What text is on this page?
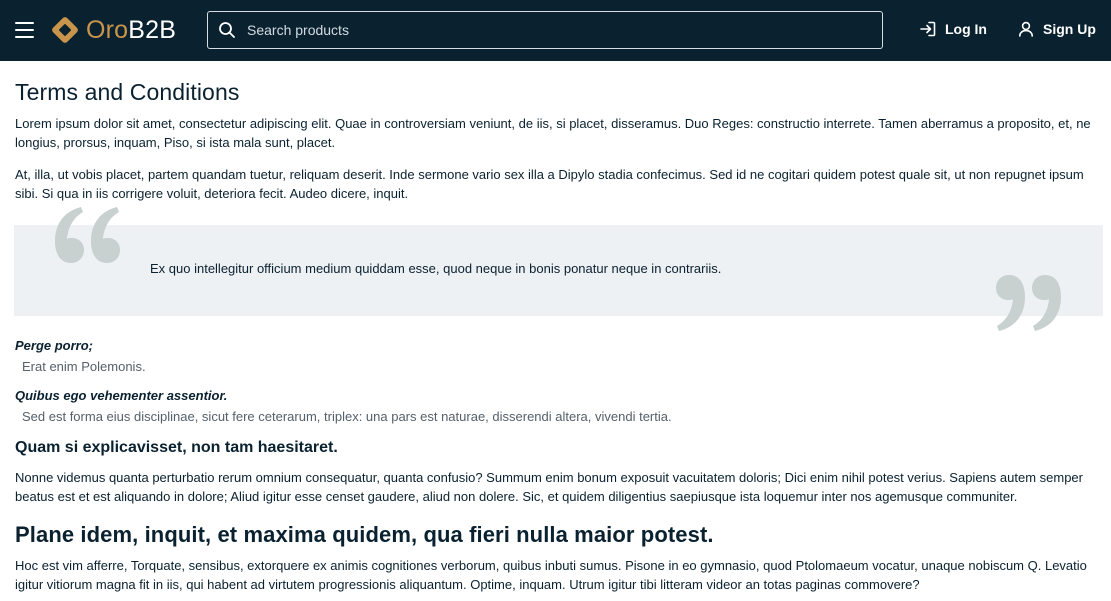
OroB2B
Search products	Log In	Sign Up
Terms and Conditions

Lorem ipsum dolor sit amet, consectetur adipiscing elit. Quae in controversiam veniunt, de iis, si placet, disseramus. Duo Reges: constructio interrete. Tamen aberramus a proposito, et, ne longius, prorsus, inquam, Piso, si ista mala sunt, placet.

At, illa, ut vobis placet, partem quandam tuetur, reliquam deserit. Inde sermone vario sex illa a Dipylo stadia confecimus. Sed id ne cogitari quidem potest quale sit, ut non repugnet ipsum sibi. Si qua in iis corrigere voluit, deteriora fecit. Audeo dicere, inquit.

Ex quo intellegitur officium medium quiddam esse, quod neque in bonis ponatur neque in contrariis.
Perge porro;
Erat enim Polemonis.
Quibus ego vehementer assentior.
Sed est forma eius disciplinae, sicut fere ceterarum, triplex: una pars est naturae, disserendi altera, vivendi tertia.
Quam si explicavisset, non tam haesitaret.

Nonne videmus quanta perturbatio rerum omnium consequatur, quanta confusio? Summum enim bonum exposuit vacuitatem doloris; Dici enim nihil potest verius. Sapiens autem semper beatus est et est aliquando in dolore; Aliud igitur esse censet gaudere, aliud non dolere. Sic, et quidem diligentius saepiusque ista loquemur inter nos agemusque communiter.

Plane idem, inquit, et maxima quidem, qua fieri nulla maior potest.

Hoc est vim afferre, Torquate, sensibus, extorquere ex animis cognitiones verborum, quibus inbuti sumus. Pisone in eo gymnasio, quod Ptolomaeum vocatur, unaque nobiscum Q. Levatio igitur vitiorum magna fit in iis, qui habent ad virtutem progressionis aliquantum. Optime, inquam. Utrum igitur tibi litteram videor an totas paginas commovere?
